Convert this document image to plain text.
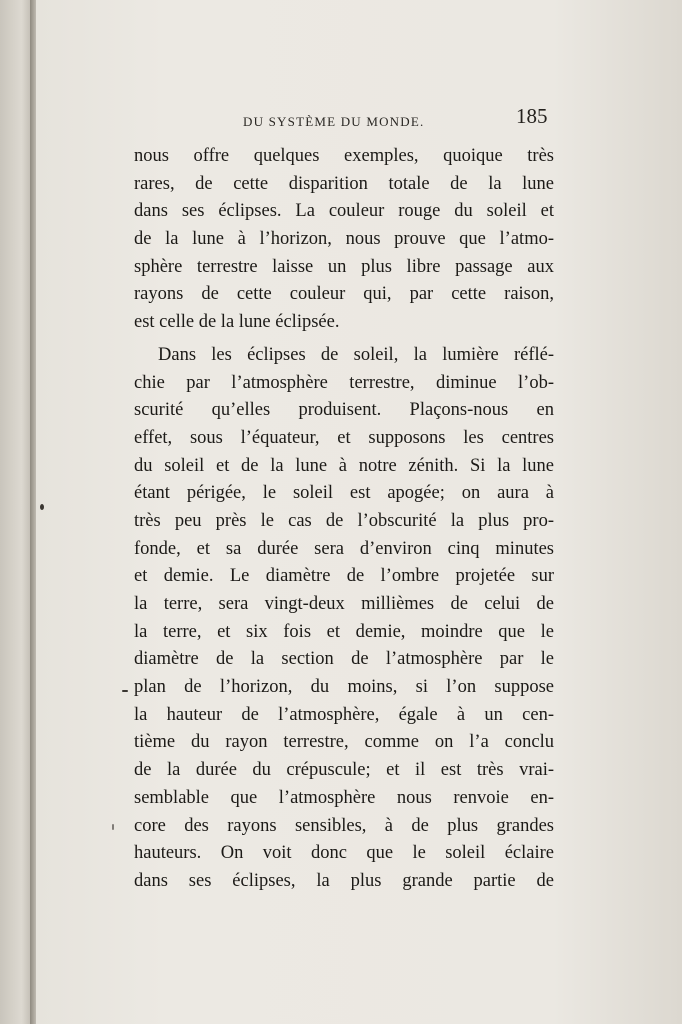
DU SYSTÈME DU MONDE.	185
nous offre quelques exemples, quoique très
rares, de cette disparition totale de la lune
dans ses éclipses. La couleur rouge du soleil et
de la lune à l’horizon, nous prouve que l’atmo-
sphère terrestre laisse un plus libre passage aux
rayons de cette couleur qui, par cette raison,
est celle de la lune éclipsée.
Dans les éclipses de soleil, la lumière réflé-
chie par l’atmosphère terrestre, diminue l’ob-
scurité qu’elles produisent. Plaçons-nous en
effet, sous l’équateur, et supposons les centres
du soleil et de la lune à notre zénith. Si la lune
étant périgée, le soleil est apogée; on aura à
très peu près le cas de l’obscurité la plus pro-
fonde, et sa durée sera d’environ cinq minutes
et demie. Le diamètre de l’ombre projetée sur
la terre, sera vingt-deux millièmes de celui de
la terre, et six fois et demie, moindre que le
diamètre de la section de l’atmosphère par le
plan de l’horizon, du moins, si l’on suppose
la hauteur de l’atmosphère, égale à un cen-
tième du rayon terrestre, comme on l’a conclu
de la durée du crépuscule; et il est très vrai-
semblable que l’atmosphère nous renvoie en-
core des rayons sensibles, à de plus grandes
hauteurs. On voit donc que le soleil éclaire
dans ses éclipses, la plus grande partie de
